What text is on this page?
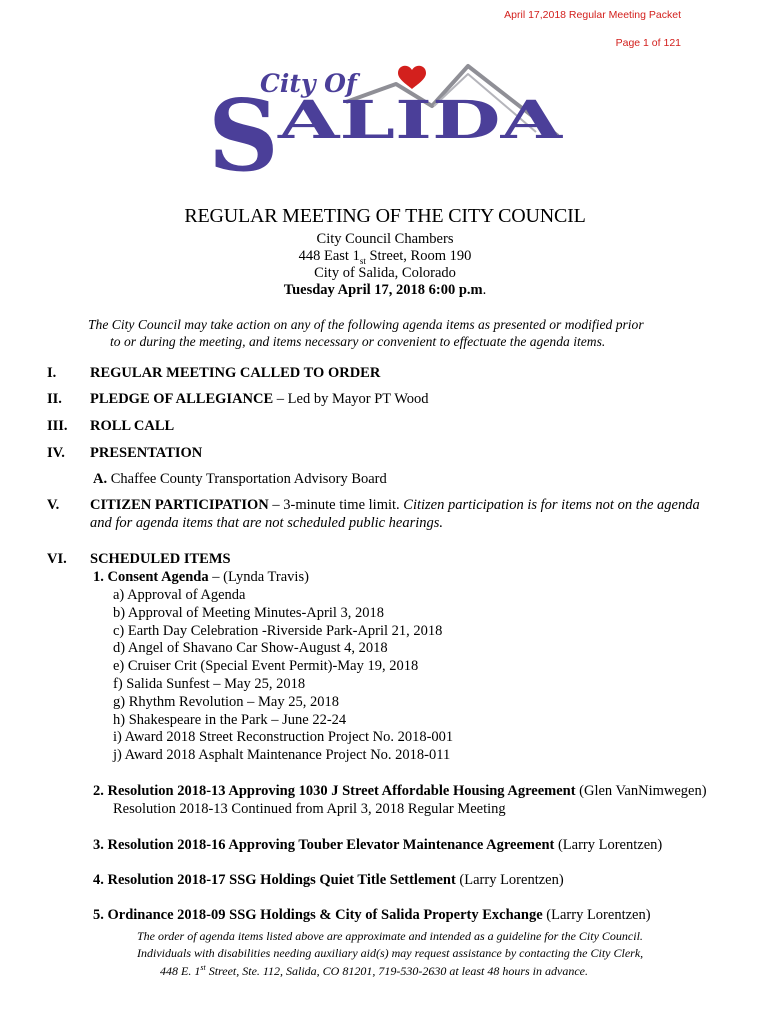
April 17,2018 Regular Meeting Packet
Page 1 of 121
City Of
S
ALIDA
REGULAR MEETING OF THE CITY COUNCIL
City Council Chambers
448 East $1_{st}$ Street, Room 190
City of Salida, Colorado
Tuesday April 17, 2018 6:00 p.m.
The City Council may take action on any of the following agenda items as presented or modified prior
to or during the meeting, and items necessary or convenient to effectuate the agenda items.
I. REGULAR MEETING CALLED TO ORDER
II. PLEDGE OF ALLEGIANCE – Led by Mayor PT Wood
III. ROLL CALL
IV. PRESENTATION
A. Chaffee County Transportation Advisory Board
V. CITIZEN PARTICIPATION – 3-minute time limit. Citizen participation is for items not on the agenda
and for agenda items that are not scheduled public hearings.
VI. SCHEDULED ITEMS
1. Consent Agenda – (Lynda Travis)
a) Approval of Agenda
b) Approval of Meeting Minutes-April 3, 2018
c) Earth Day Celebration -Riverside Park-April 21, 2018
d) Angel of Shavano Car Show-August 4, 2018
e) Cruiser Crit (Special Event Permit)-May 19, 2018
f) Salida Sunfest – May 25, 2018
g) Rhythm Revolution – May 25, 2018
h) Shakespeare in the Park – June 22-24
i) Award 2018 Street Reconstruction Project No. 2018-001
j) Award 2018 Asphalt Maintenance Project No. 2018-011
2. Resolution 2018-13 Approving 1030 J Street Affordable Housing Agreement (Glen VanNimwegen)
Resolution 2018-13 Continued from April 3, 2018 Regular Meeting
3. Resolution 2018-16 Approving Touber Elevator Maintenance Agreement (Larry Lorentzen)
4. Resolution 2018-17 SSG Holdings Quiet Title Settlement (Larry Lorentzen)
5. Ordinance 2018-09 SSG Holdings & City of Salida Property Exchange (Larry Lorentzen)
The order of agenda items listed above are approximate and intended as a guideline for the City Council.
Individuals with disabilities needing auxiliary aid(s) may request assistance by contacting the City Clerk,
448 E. 1st Street, Ste. 112, Salida, CO 81201, 719-530-2630 at least 48 hours in advance.
